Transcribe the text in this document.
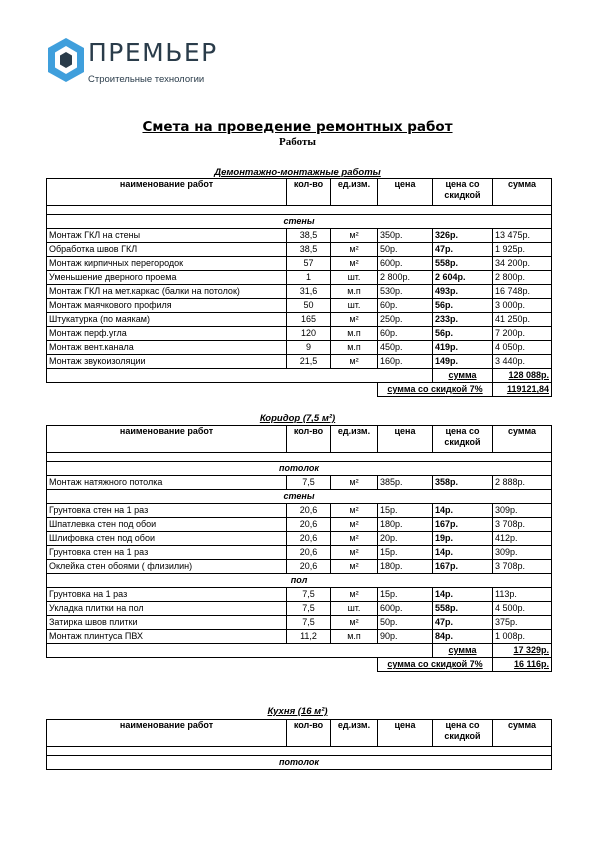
ПРЕМЬЕР
Строительные технологии
Смета на проведение ремонтных работ
Работы
Демонтажно-монтажные работы
наименование работ	кол-во	ед.изм.	цена	цена со скидкой	сумма

стены					
Монтаж ГКЛ на стены	38,5	м²	350р.	326р.	13 475р.
Обработка швов ГКЛ	38,5	м²	50р.	47р.	1 925р.
Монтаж кирпичных перегородок	57	м²	600р.	558р.	34 200р.
Уменьшение дверного проема	1	шт.	2 800р.	2 604р.	2 800р.
Монтаж ГКЛ на мет.каркас (балки на потолок)	31,6	м.п	530р.	493р.	16 748р.
Монтаж маячкового профиля	50	шт.	60р.	56р.	3 000р.
Штукатурка (по маякам)	165	м²	250р.	233р.	41 250р.
Монтаж перф.угла	120	м.п	60р.	56р.	7 200р.
Монтаж вент.канала	9	м.п	450р.	419р.	4 050р.
Монтаж звукоизоляции	21,5	м²	160р.	149р.	3 440р.
				сумма	128 088р.
			сумма со скидкой 7%		119121,84
Коридор (7,5 м²)
наименование работ	кол-во	ед.изм.	цена	цена со скидкой	сумма

потолок					
Монтаж натяжного потолка	7,5	м²	385р.	358р.	2 888р.
стены					
Грунтовка стен на 1 раз	20,6	м²	15р.	14р.	309р.
Шпатлевка стен под обои	20,6	м²	180р.	167р.	3 708р.
Шлифовка стен под обои	20,6	м²	20р.	19р.	412р.
Грунтовка стен на 1 раз	20,6	м²	15р.	14р.	309р.
Оклейка стен обоями ( флизилин)	20,6	м²	180р.	167р.	3 708р.
пол					
Грунтовка на 1 раз	7,5	м²	15р.	14р.	113р.
Укладка плитки на пол	7,5	шт.	600р.	558р.	4 500р.
Затирка швов плитки	7,5	м²	50р.	47р.	375р.
Монтаж плинтуса ПВХ	11,2	м.п	90р.	84р.	1 008р.
				сумма	17 329р.
			сумма со скидкой 7%		16 116р.
Кухня (16 м²)
наименование работ	кол-во	ед.изм.	цена	цена со скидкой	сумма

потолок
